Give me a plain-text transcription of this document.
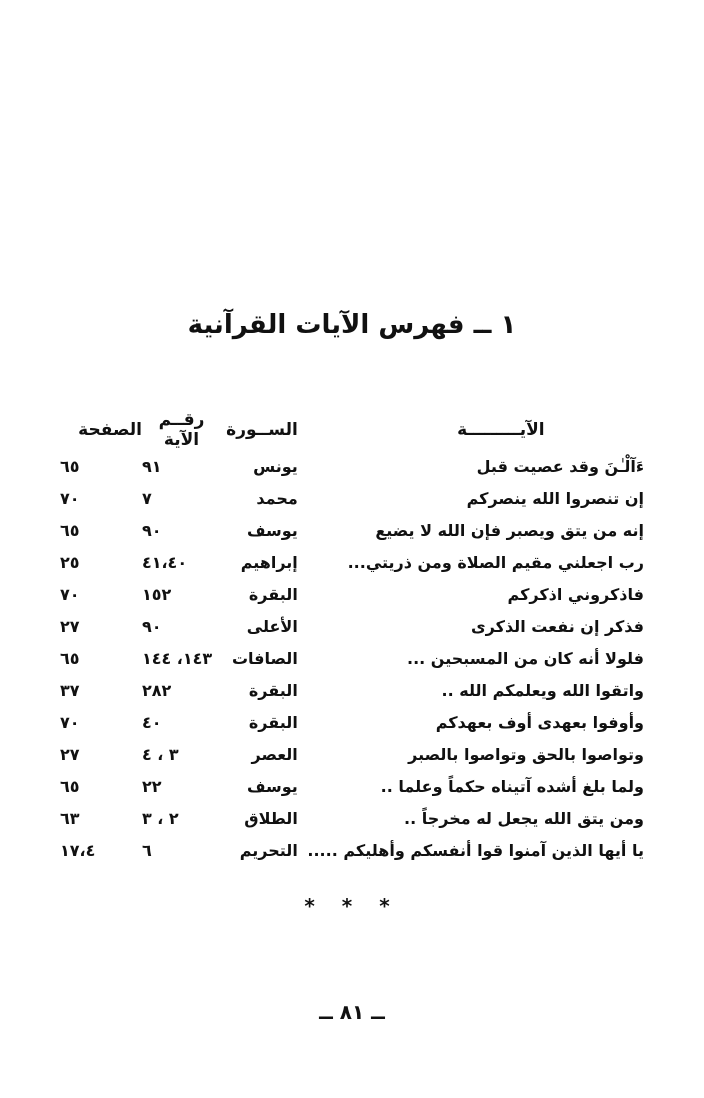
١ ــ فهرس الآيات القرآنية
الآيـــــــــة	الســورة	رقــم الآية	الصفحة
ءَآلْـٰنَ وقد عصيت قبل	يونس	٩١	٦٥
إن تنصروا الله ينصركم	محمد	٧	٧٠
إنه من يتق ويصبر فإن الله لا يضيع	يوسف	٩٠	٦٥
رب اجعلني مقيم الصلاة ومن ذريتي...	إبراهيم	٤١،٤٠	٢٥
فاذكروني اذكركم	البقرة	١٥٢	٧٠
فذكر إن نفعت الذكرى	الأعلى	٩٠	٢٧
فلولا أنه كان من المسبحين ...	الصافات	١٤٣، ١٤٤	٦٥
واتقوا الله ويعلمكم الله ..	البقرة	٢٨٢	٣٧
وأوفوا بعهدى أوف بعهدكم	البقرة	٤٠	٧٠
وتواصوا بالحق وتواصوا بالصبر	العصر	٣ ، ٤	٢٧
ولما بلغ أشده آتيناه حكماً وعلما ..	يوسف	٢٢	٦٥
ومن يتق الله يجعل له مخرجاً ..	الطلاق	٢ ، ٣	٦٣
يا أيها الذين آمنوا قوا أنفسكم وأهليكم .....	التحريم	٦	١٧،٤
* * *
ــ ٨١ ــ
